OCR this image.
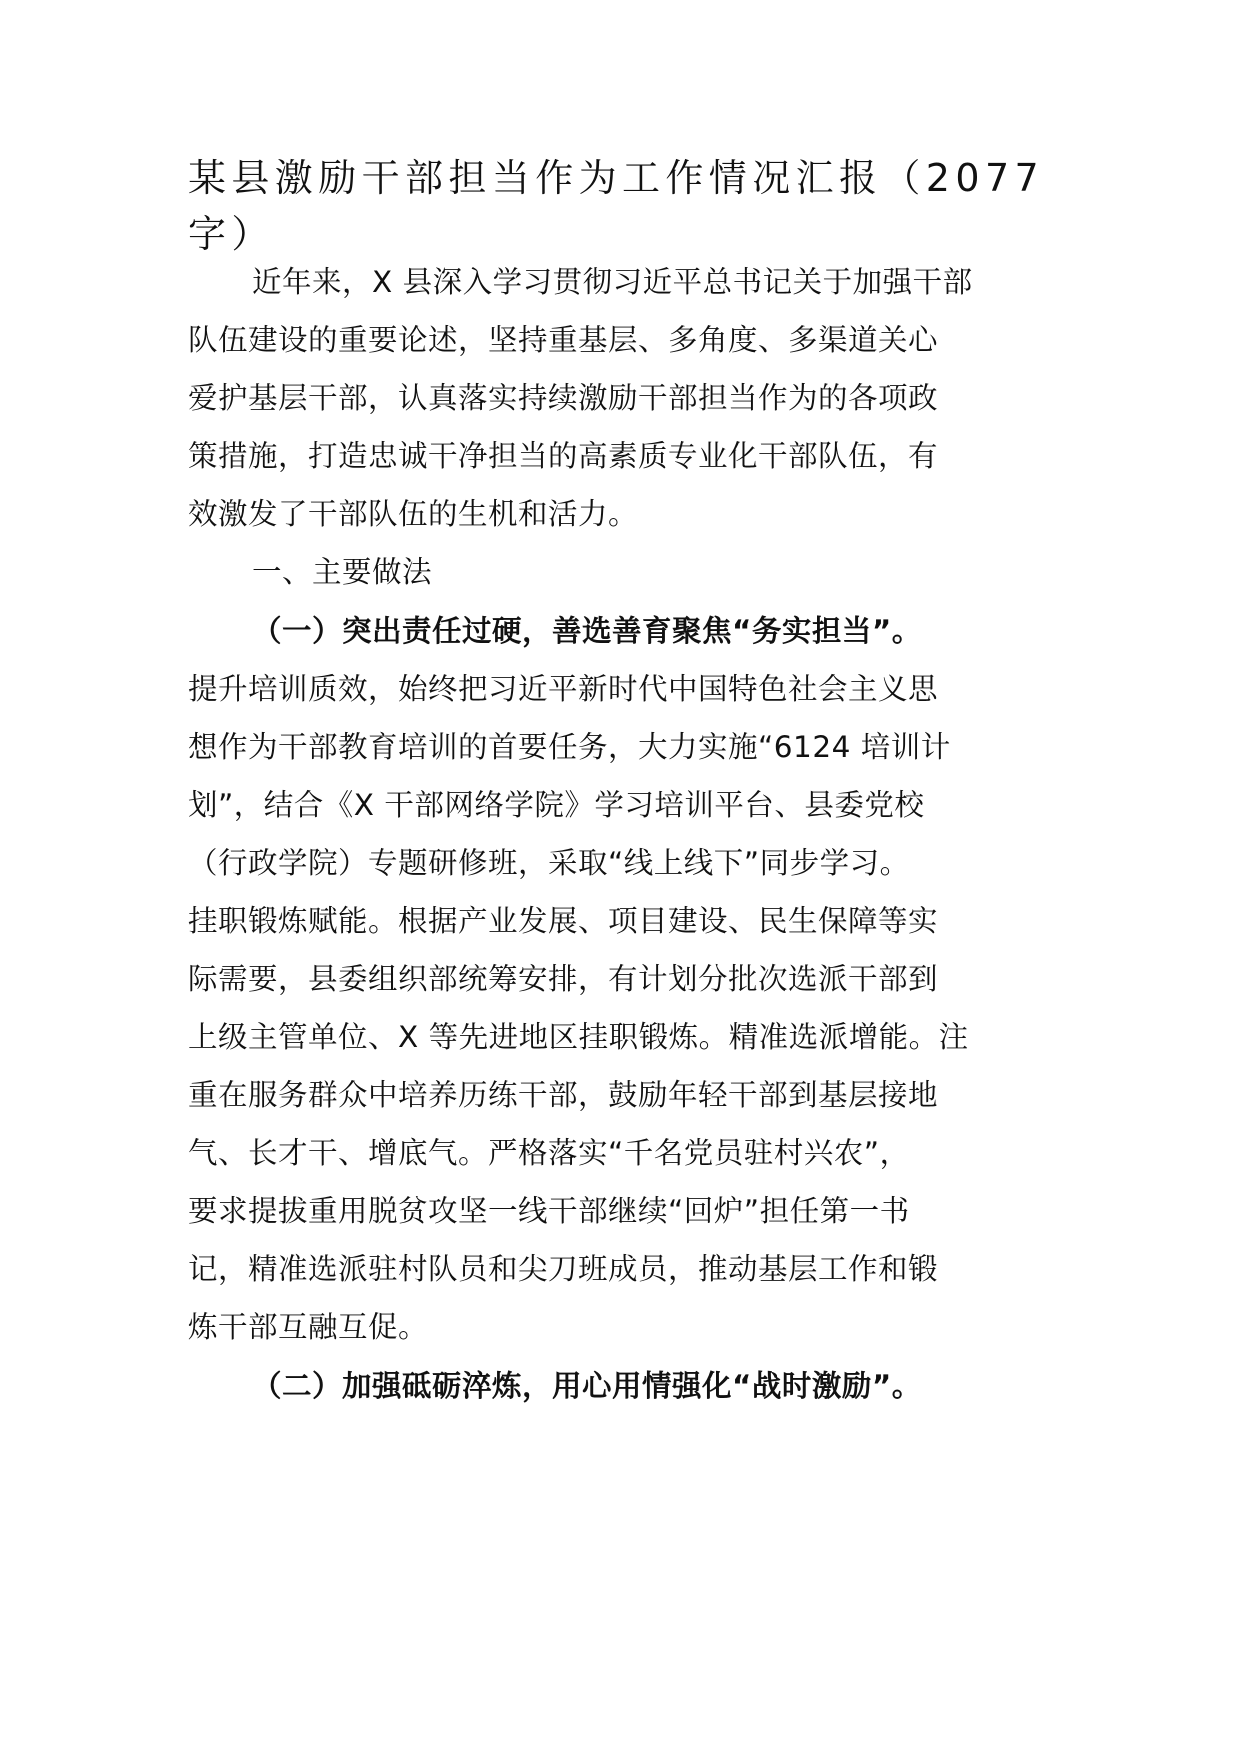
某县激励干部担当作为工作情况汇报（2077
字）
近年来，X 县深入学习贯彻习近平总书记关于加强干部
队伍建设的重要论述，坚持重基层、多角度、多渠道关心
爱护基层干部，认真落实持续激励干部担当作为的各项政
策措施，打造忠诚干净担当的高素质专业化干部队伍，有
效激发了干部队伍的生机和活力。
一、主要做法
（一）突出责任过硬，善选善育聚焦“务实担当”。
提升培训质效，始终把习近平新时代中国特色社会主义思
想作为干部教育培训的首要任务，大力实施“6124 培训计
划”，结合《X 干部网络学院》学习培训平台、县委党校
（行政学院）专题研修班，采取“线上线下”同步学习。
挂职锻炼赋能。根据产业发展、项目建设、民生保障等实
际需要，县委组织部统筹安排，有计划分批次选派干部到
上级主管单位、X 等先进地区挂职锻炼。精准选派增能。注
重在服务群众中培养历练干部，鼓励年轻干部到基层接地
气、长才干、增底气。严格落实“千名党员驻村兴农”，
要求提拔重用脱贫攻坚一线干部继续“回炉”担任第一书
记，精准选派驻村队员和尖刀班成员，推动基层工作和锻
炼干部互融互促。
（二）加强砥砺淬炼，用心用情强化“战时激励”。
